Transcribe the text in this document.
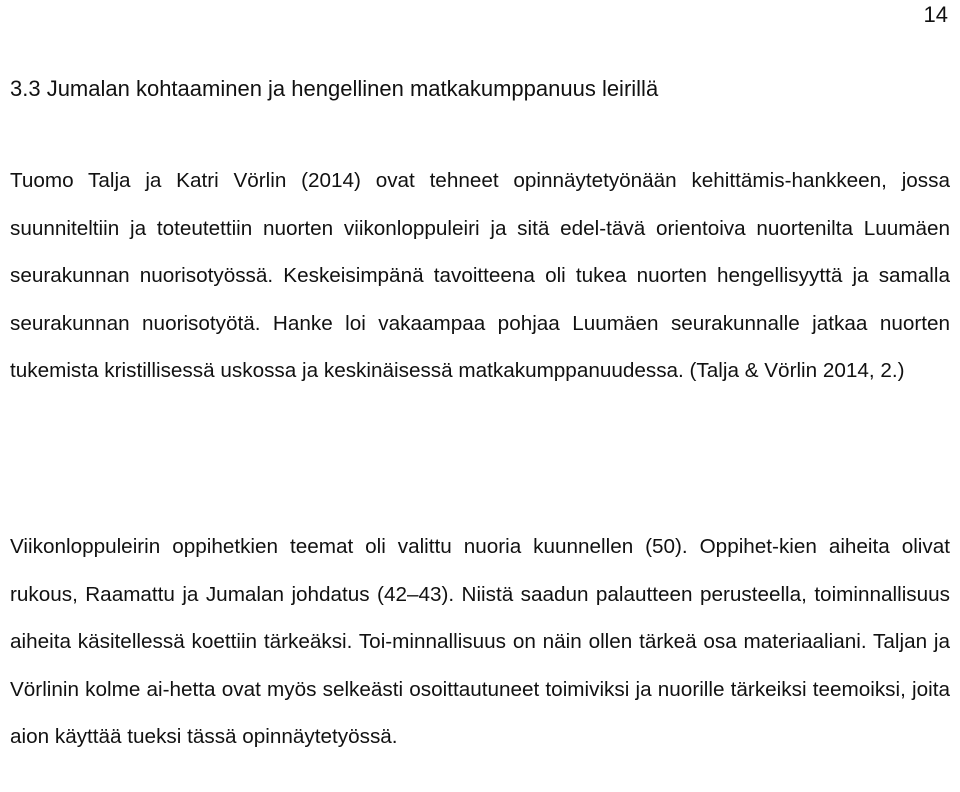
14
3.3 Jumalan kohtaaminen ja hengellinen matkakumppanuus leirillä

Tuomo Talja ja Katri Vörlin (2014) ovat tehneet opinnäytetyönään kehittämis-hankkeen, jossa suunniteltiin ja toteutettiin nuorten viikonloppuleiri ja sitä edel-tävä orientoiva nuortenilta Luumäen seurakunnan nuorisotyössä. Keskeisimpänä tavoitteena oli tukea nuorten hengellisyyttä ja samalla seurakunnan nuorisotyötä. Hanke loi vakaampaa pohjaa Luumäen seurakunnalle jatkaa nuorten tukemista kristillisessä uskossa ja keskinäisessä matkakumppanuudessa. (Talja & Vörlin 2014, 2.)

Viikonloppuleirin oppihetkien teemat oli valittu nuoria kuunnellen (50). Oppihet-kien aiheita olivat rukous, Raamattu ja Jumalan johdatus (42–43). Niistä saadun palautteen perusteella, toiminnallisuus aiheita käsitellessä koettiin tärkeäksi. Toi-minnallisuus on näin ollen tärkeä osa materiaaliani. Taljan ja Vörlinin kolme ai-hetta ovat myös selkeästi osoittautuneet toimiviksi ja nuorille tärkeiksi teemoiksi, joita aion käyttää tueksi tässä opinnäytetyössä.
